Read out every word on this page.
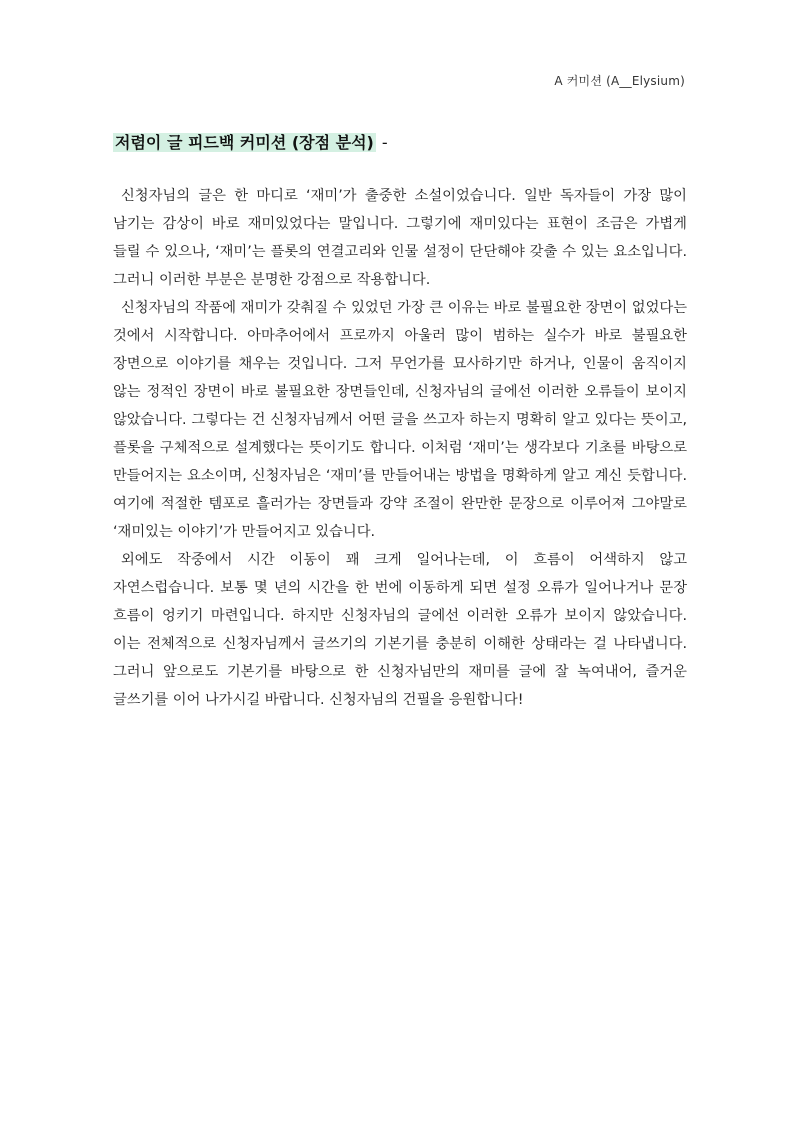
A 커미션 (A__Elysium)
저렴이 글 피드백 커미션 (장점 분석) -

신청자님의 글은 한 마디로 ‘재미’가 출중한 소설이었습니다. 일반 독자들이 가장 많이 남기는 감상이 바로 재미있었다는 말입니다. 그렇기에 재미있다는 표현이 조금은 가볍게 들릴 수 있으나, ‘재미’는 플롯의 연결고리와 인물 설정이 단단해야 갖출 수 있는 요소입니다. 그러니 이러한 부분은 분명한 강점으로 작용합니다.

신청자님의 작품에 재미가 갖춰질 수 있었던 가장 큰 이유는 바로 불필요한 장면이 없었다는 것에서 시작합니다. 아마추어에서 프로까지 아울러 많이 범하는 실수가 바로 불필요한 장면으로 이야기를 채우는 것입니다. 그저 무언가를 묘사하기만 하거나, 인물이 움직이지 않는 정적인 장면이 바로 불필요한 장면들인데, 신청자님의 글에선 이러한 오류들이 보이지 않았습니다. 그렇다는 건 신청자님께서 어떤 글을 쓰고자 하는지 명확히 알고 있다는 뜻이고, 플롯을 구체적으로 설계했다는 뜻이기도 합니다. 이처럼 ‘재미’는 생각보다 기초를 바탕으로 만들어지는 요소이며, 신청자님은 ‘재미’를 만들어내는 방법을 명확하게 알고 계신 듯합니다. 여기에 적절한 템포로 흘러가는 장면들과 강약 조절이 완만한 문장으로 이루어져 그야말로 ‘재미있는 이야기’가 만들어지고 있습니다.

외에도 작중에서 시간 이동이 꽤 크게 일어나는데, 이 흐름이 어색하지 않고 자연스럽습니다. 보통 몇 년의 시간을 한 번에 이동하게 되면 설정 오류가 일어나거나 문장 흐름이 엉키기 마련입니다. 하지만 신청자님의 글에선 이러한 오류가 보이지 않았습니다. 이는 전체적으로 신청자님께서 글쓰기의 기본기를 충분히 이해한 상태라는 걸 나타냅니다. 그러니 앞으로도 기본기를 바탕으로 한 신청자님만의 재미를 글에 잘 녹여내어, 즐거운 글쓰기를 이어 나가시길 바랍니다. 신청자님의 건필을 응원합니다!
